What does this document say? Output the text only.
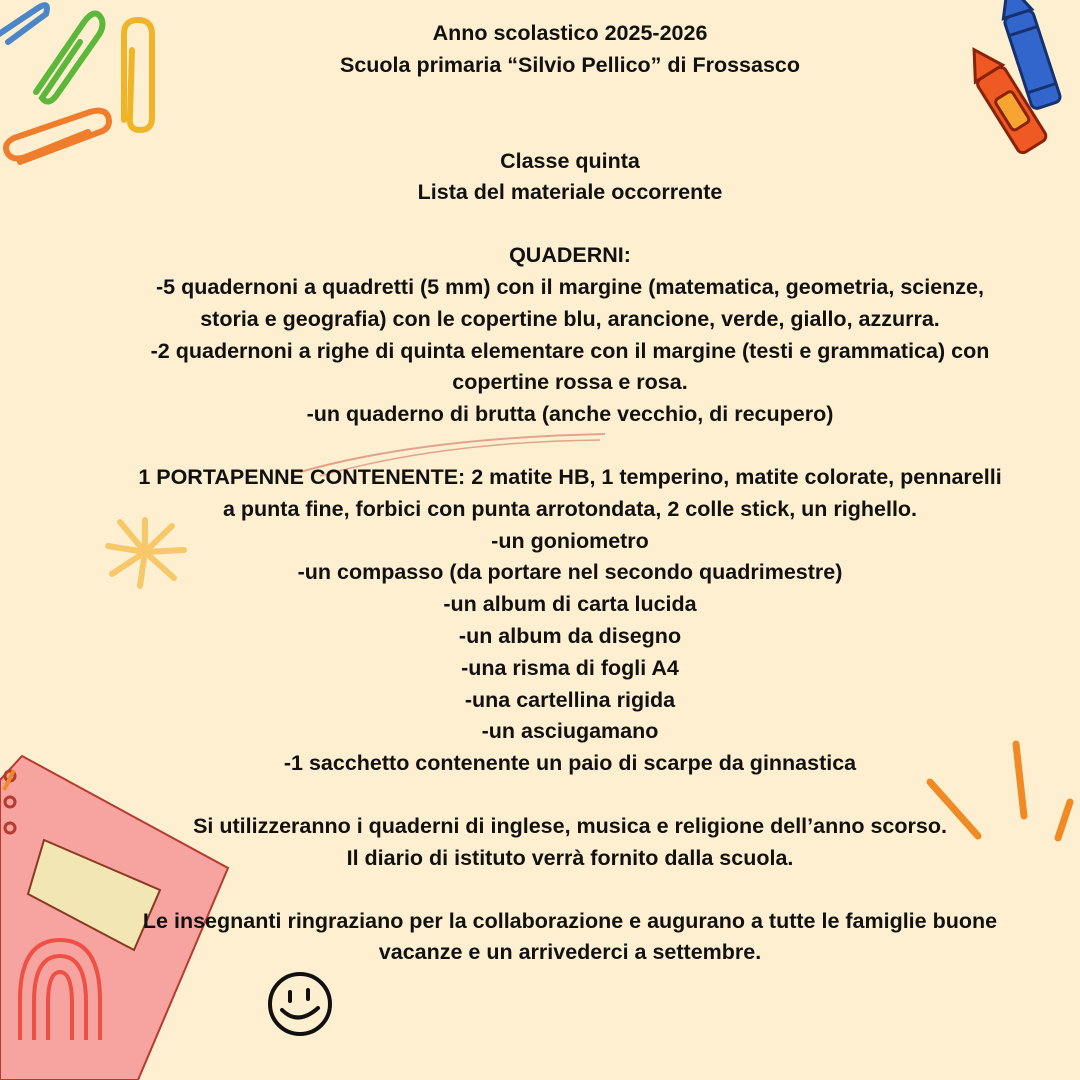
Anno scolastico 2025-2026

Scuola primaria “Silvio Pellico” di Frossasco

Classe quinta

Lista del materiale occorrente

QUADERNI:

-5 quadernoni a quadretti (5 mm) con il margine (matematica, geometria, scienze,

storia e geografia) con le copertine blu, arancione, verde, giallo, azzurra.

-2 quadernoni a righe di quinta elementare con il margine (testi e grammatica) con

copertine rossa e rosa.

-un quaderno di brutta (anche vecchio, di recupero)

1 PORTAPENNE CONTENENTE: 2 matite HB, 1 temperino, matite colorate, pennarelli

a punta fine, forbici con punta arrotondata, 2 colle stick, un righello.

-un goniometro

-un compasso (da portare nel secondo quadrimestre)

-un album di carta lucida

-un album da disegno

-una risma di fogli A4

-una cartellina rigida

-un asciugamano

-1 sacchetto contenente un paio di scarpe da ginnastica

Si utilizzeranno i quaderni di inglese, musica e religione dell’anno scorso.

Il diario di istituto verrà fornito dalla scuola.

Le insegnanti ringraziano per la collaborazione e augurano a tutte le famiglie buone

vacanze e un arrivederci a settembre.
